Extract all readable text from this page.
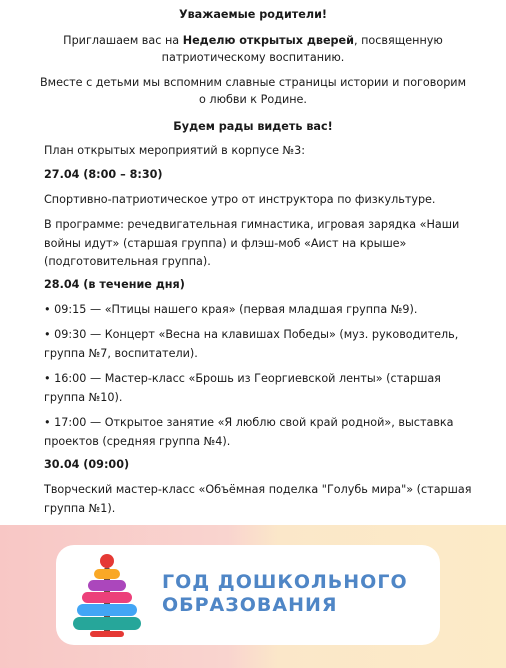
Уважаемые родители!
Приглашаем вас на Неделю открытых дверей, посвященную патриотическому воспитанию.
Вместе с детьми мы вспомним славные страницы истории и поговорим о любви к Родине.
Будем рады видеть вас!
План открытых мероприятий в корпусе №3:
27.04 (8:00 – 8:30)
Спортивно-патриотическое утро от инструктора по физкультуре.
В программе: речедвигательная гимнастика, игровая зарядка «Наши войны идут» (старшая группа) и флэш-моб «Аист на крыше» (подготовительная группа).
28.04 (в течение дня)
• 09:15 — «Птицы нашего края» (первая младшая группа №9).
• 09:30 — Концерт «Весна на клавишах Победы» (муз. руководитель, группа №7, воспитатели).
• 16:00 — Мастер-класс «Брошь из Георгиевской ленты» (старшая группа №10).
• 17:00 — Открытое занятие «Я люблю свой край родной», выставка проектов (средняя группа №4).
30.04 (09:00)
Творческий мастер-класс «Объёмная поделка "Голубь мира"» (старшая группа №1).
ГОД ДОШКОЛЬНОГО
ОБРАЗОВАНИЯ
